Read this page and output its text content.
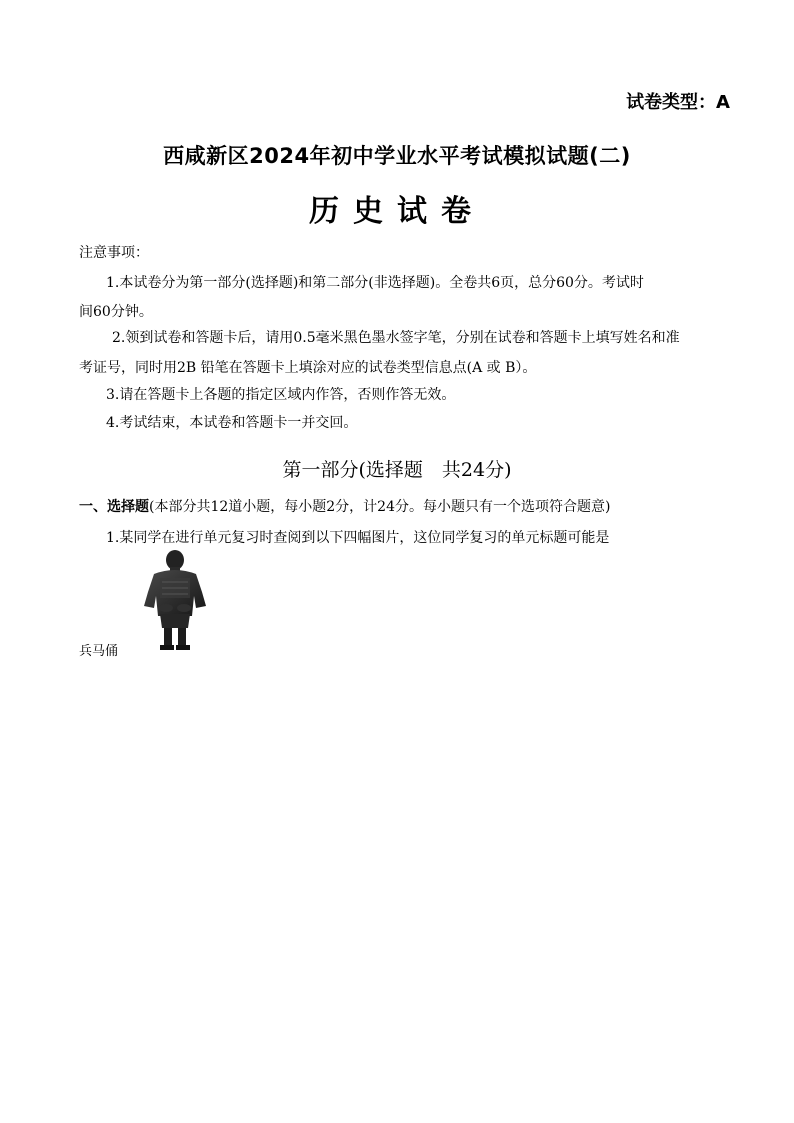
试卷类型：A
西咸新区2024年初中学业水平考试模拟试题(二)
历史试卷
注意事项：
1.本试卷分为第一部分(选择题)和第二部分(非选择题)。全卷共6页，总分60分。考试时
间60分钟。
2.领到试卷和答题卡后，请用0.5毫米黑色墨水签字笔，分别在试卷和答题卡上填写姓名和准
考证号，同时用2B 铅笔在答题卡上填涂对应的试卷类型信息点(A 或 B）。
3.请在答题卡上各题的指定区域内作答，否则作答无效。
4.考试结束，本试卷和答题卡一并交回。
第一部分(选择题　共24分)
一、选择题(本部分共12道小题，每小题2分，计24分。每小题只有一个选项符合题意)
1.某同学在进行单元复习时查阅到以下四幅图片，这位同学复习的单元标题可能是
兵马俑
